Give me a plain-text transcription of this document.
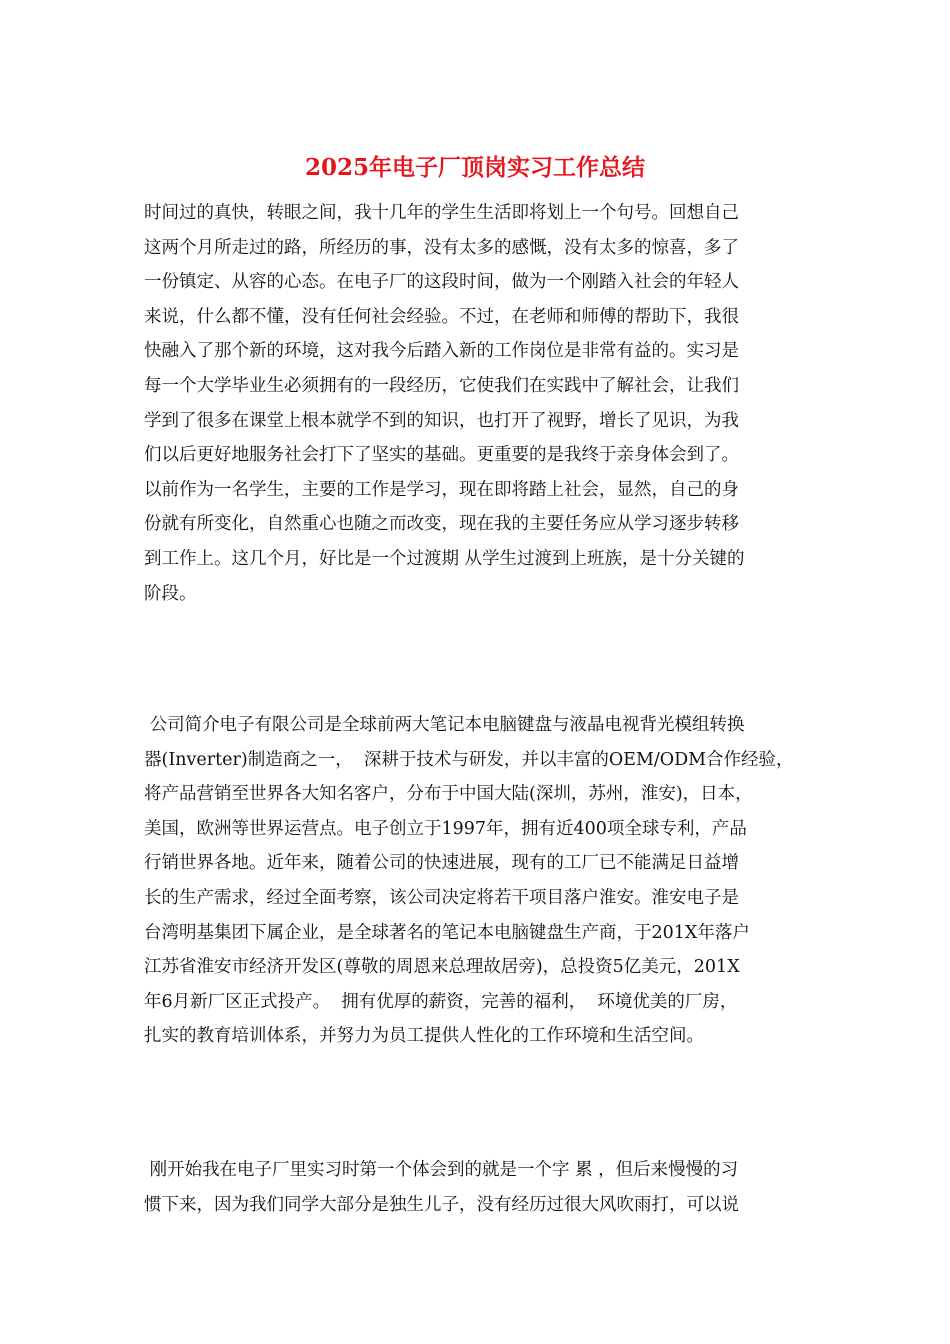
2025年电子厂顶岗实习工作总结
时间过的真快，转眼之间，我十几年的学生生活即将划上一个句号。回想自己
这两个月所走过的路，所经历的事，没有太多的感慨，没有太多的惊喜，多了
一份镇定、从容的心态。在电子厂的这段时间，做为一个刚踏入社会的年轻人
来说，什么都不懂，没有任何社会经验。不过，在老师和师傅的帮助下，我很
快融入了那个新的环境，这对我今后踏入新的工作岗位是非常有益的。实习是
每一个大学毕业生必须拥有的一段经历，它使我们在实践中了解社会，让我们
学到了很多在课堂上根本就学不到的知识，也打开了视野，增长了见识，为我
们以后更好地服务社会打下了坚实的基础。更重要的是我终于亲身体会到了。
以前作为一名学生，主要的工作是学习，现在即将踏上社会，显然，自己的身
份就有所变化，自然重心也随之而改变，现在我的主要任务应从学习逐步转移
到工作上。这几个月，好比是一个过渡期 从学生过渡到上班族，是十分关键的
阶段。
公司简介电子有限公司是全球前两大笔记本电脑键盘与液晶电视背光模组转换
器(Inverter)制造商之一，  深耕于技术与研发，并以丰富的OEM/ODM合作经验，
将产品营销至世界各大知名客户，分布于中国大陆(深圳，苏州，淮安)，日本，
美国，欧洲等世界运营点。电子创立于1997年，拥有近400项全球专利，产品
行销世界各地。近年来，随着公司的快速进展，现有的工厂已不能满足日益增
长的生产需求，经过全面考察，该公司决定将若干项目落户淮安。淮安电子是
台湾明基集团下属企业，是全球著名的笔记本电脑键盘生产商，于201X年落户
江苏省淮安市经济开发区(尊敬的周恩来总理故居旁)，总投资5亿美元，201X
年6月新厂区正式投产。  拥有优厚的薪资，完善的福利，  环境优美的厂房，
扎实的教育培训体系，并努力为员工提供人性化的工作环境和生活空间。
刚开始我在电子厂里实习时第一个体会到的就是一个字 累 ，但后来慢慢的习
惯下来，因为我们同学大部分是独生儿子，没有经历过很大风吹雨打，可以说
